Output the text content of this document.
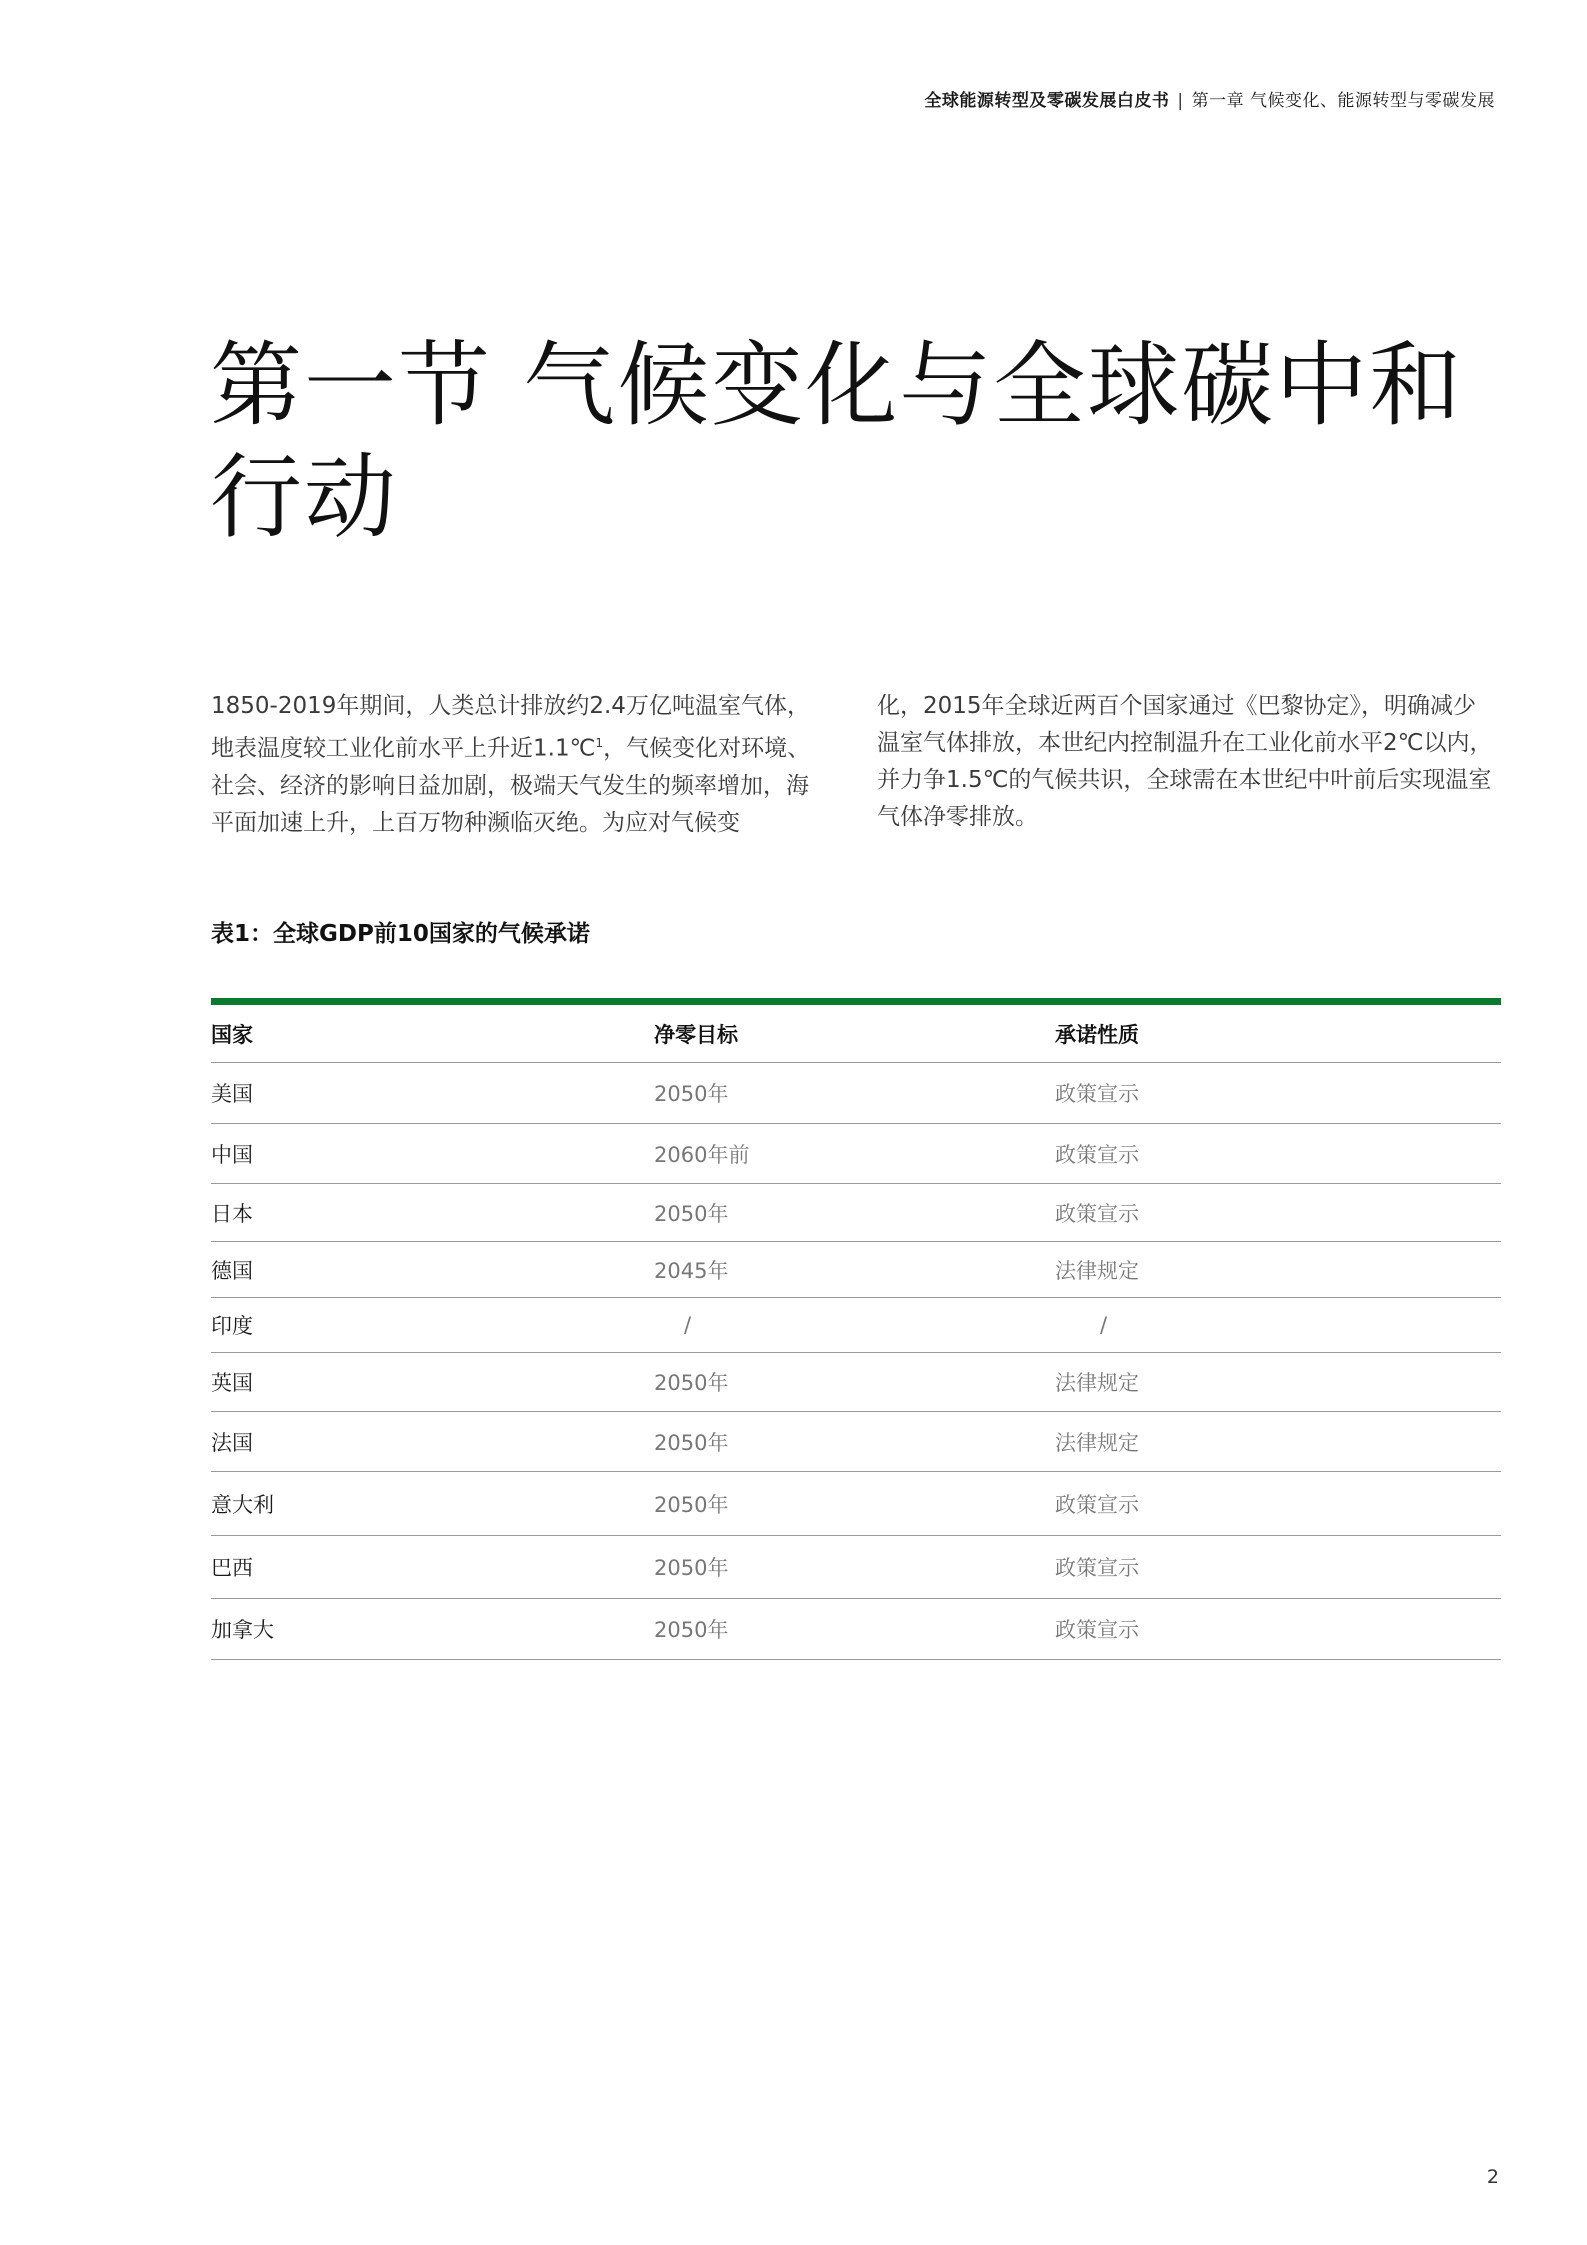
全球能源转型及零碳发展白皮书 | 第一章 气候变化、能源转型与零碳发展
第一节 气候变化与全球碳中和
行动

1850-2019年期间，人类总计排放约2.4万亿吨温室气体，地表温度较工业化前水平上升近1.1℃$^1$，气候变化对环境、社会、经济的影响日益加剧，极端天气发生的频率增加，海平面加速上升，上百万物种濒临灭绝。为应对气候变

化，2015年全球近两百个国家通过《巴黎协定》，明确减少温室气体排放，本世纪内控制温升在工业化前水平2℃以内，并力争1.5℃的气候共识，全球需在本世纪中叶前后实现温室气体净零排放。

表1：全球GDP前10国家的气候承诺

国家	净零目标	承诺性质
美国	2050年	政策宣示
中国	2060年前	政策宣示
日本	2050年	政策宣示
德国	2045年	法律规定
印度	/	/
英国	2050年	法律规定
法国	2050年	法律规定
意大利	2050年	政策宣示
巴西	2050年	政策宣示
加拿大	2050年	政策宣示
2
